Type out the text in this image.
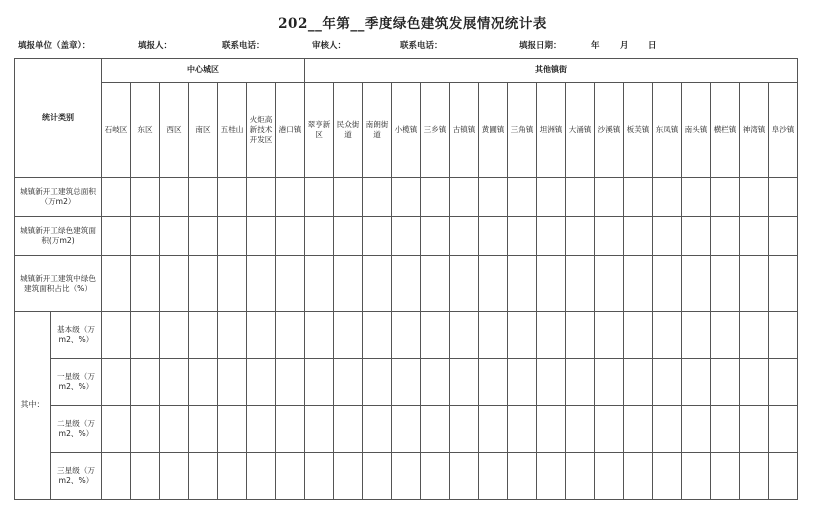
202__年第__季度绿色建筑发展情况统计表
填报单位（盖章）：	填报人：	联系电话：	审核人：	联系电话：	填报日期：	年 月 日
统计类别		中心城区							其他镇街																
		石岐区	东区	西区	南区	五桂山	火炬高新技术开发区	港口镇	翠亨新区	民众街道	南朗街道	小榄镇	三乡镇	古镇镇	黄圃镇	三角镇	坦洲镇	大涌镇	沙溪镇	板芙镇	东凤镇	南头镇	横栏镇	神湾镇	阜沙镇
城镇新开工建筑总面积（万m2）																									
城镇新开工绿色建筑面积(万m2)																									
城镇新开工建筑中绿色建筑面积占比（%）																									
其中：	基本级（万m2、%）																								
	一星级（万m2、%）																								
	二星级（万m2、%）																								
	三星级（万m2、%）																								
